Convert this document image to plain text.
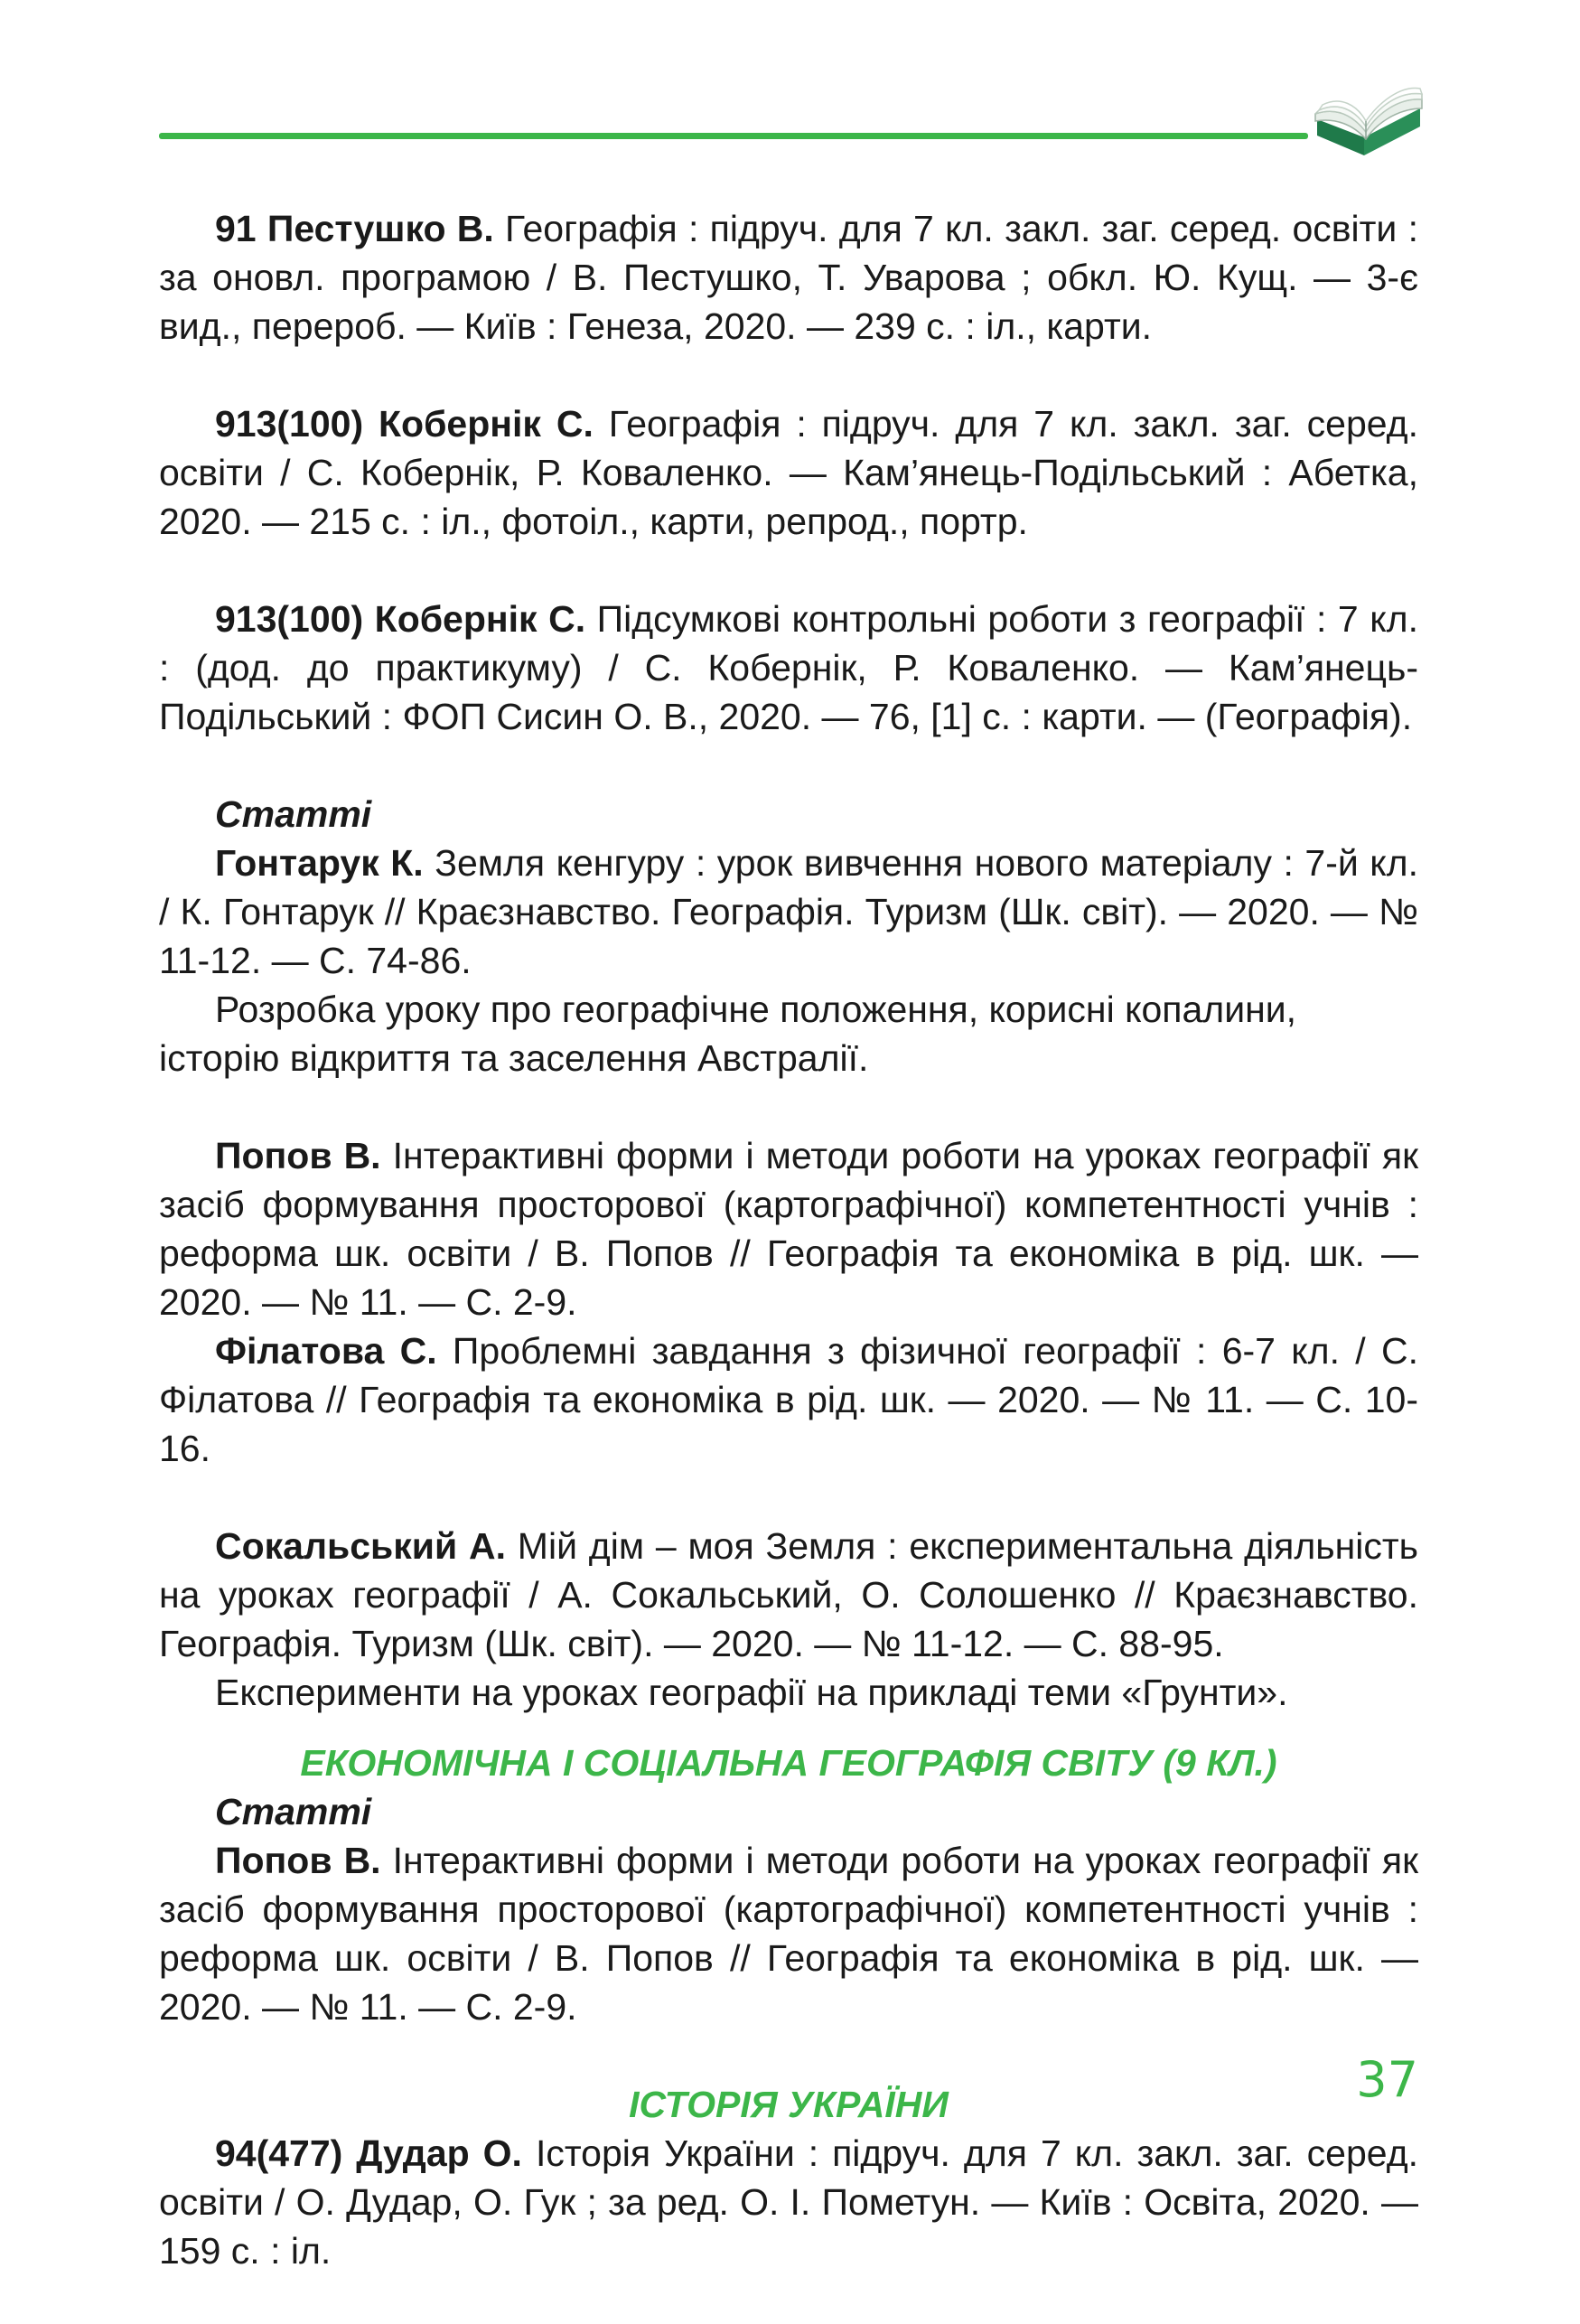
91 Пестушко В. Географія : підруч. для 7 кл. закл. заг. серед. освіти : за оновл. програмою / В. Пестушко, Т. Уварова ; обкл. Ю. Кущ. — 3-є вид., перероб. — Київ : Генеза, 2020. — 239 с. : іл., карти.

913(100) Кобернік С. Географія : підруч. для 7 кл. закл. заг. серед. освіти / С. Кобернік, Р. Коваленко. — Кам’янець-Подільський : Абетка, 2020. — 215 с. : іл., фотоіл., карти, репрод., портр.

913(100) Кобернік С. Підсумкові контрольні роботи з географії : 7 кл. : (дод. до практикуму) / С. Кобернік, Р. Коваленко. — Кам’янець-Подільський : ФОП Сисин О. В., 2020. — 76, [1] с. : карти. — (Географія).

Статті

Гонтарук К. Земля кенгуру : урок вивчення нового матеріалу : 7-й кл. / К. Гонтарук // Краєзнавство. Географія. Туризм (Шк. світ). — 2020. — № 11-12. — С. 74-86.

Розробка уроку про географічне положення, корисні копалини, історію відкриття та заселення Австралії.

Попов В. Інтерактивні форми і методи роботи на уроках географії як засіб формування просторової (картографічної) компетентності учнів : реформа шк. освіти / В. Попов // Географія та економіка в рід. шк. — 2020. — № 11. — С. 2-9.

Філатова С. Проблемні завдання з фізичної географії : 6-7 кл. / С. Філатова // Географія та економіка в рід. шк. — 2020. — № 11. — С. 10-16.

Сокальський А. Мій дім – моя Земля : експериментальна діяльність на уроках географії / А. Сокальський, О. Солошенко // Краєзнавство. Географія. Туризм (Шк. світ). — 2020. — № 11-12. — С. 88-95.

Експерименти на уроках географії на прикладі теми «Грунти».

ЕКОНОМІЧНА І СОЦІАЛЬНА ГЕОГРАФІЯ СВІТУ (9 КЛ.)

Статті

Попов В. Інтерактивні форми і методи роботи на уроках географії як засіб формування просторової (картографічної) компетентності учнів : реформа шк. освіти / В. Попов // Географія та економіка в рід. шк. — 2020. — № 11. — С. 2-9.

ІСТОРІЯ УКРАЇНИ

94(477) Дудар О. Історія України : підруч. для 7 кл. закл. заг. серед. освіти / О. Дудар, О. Гук ; за ред. О. І. Пометун. — Київ : Освіта, 2020. — 159 с. : іл.

37
